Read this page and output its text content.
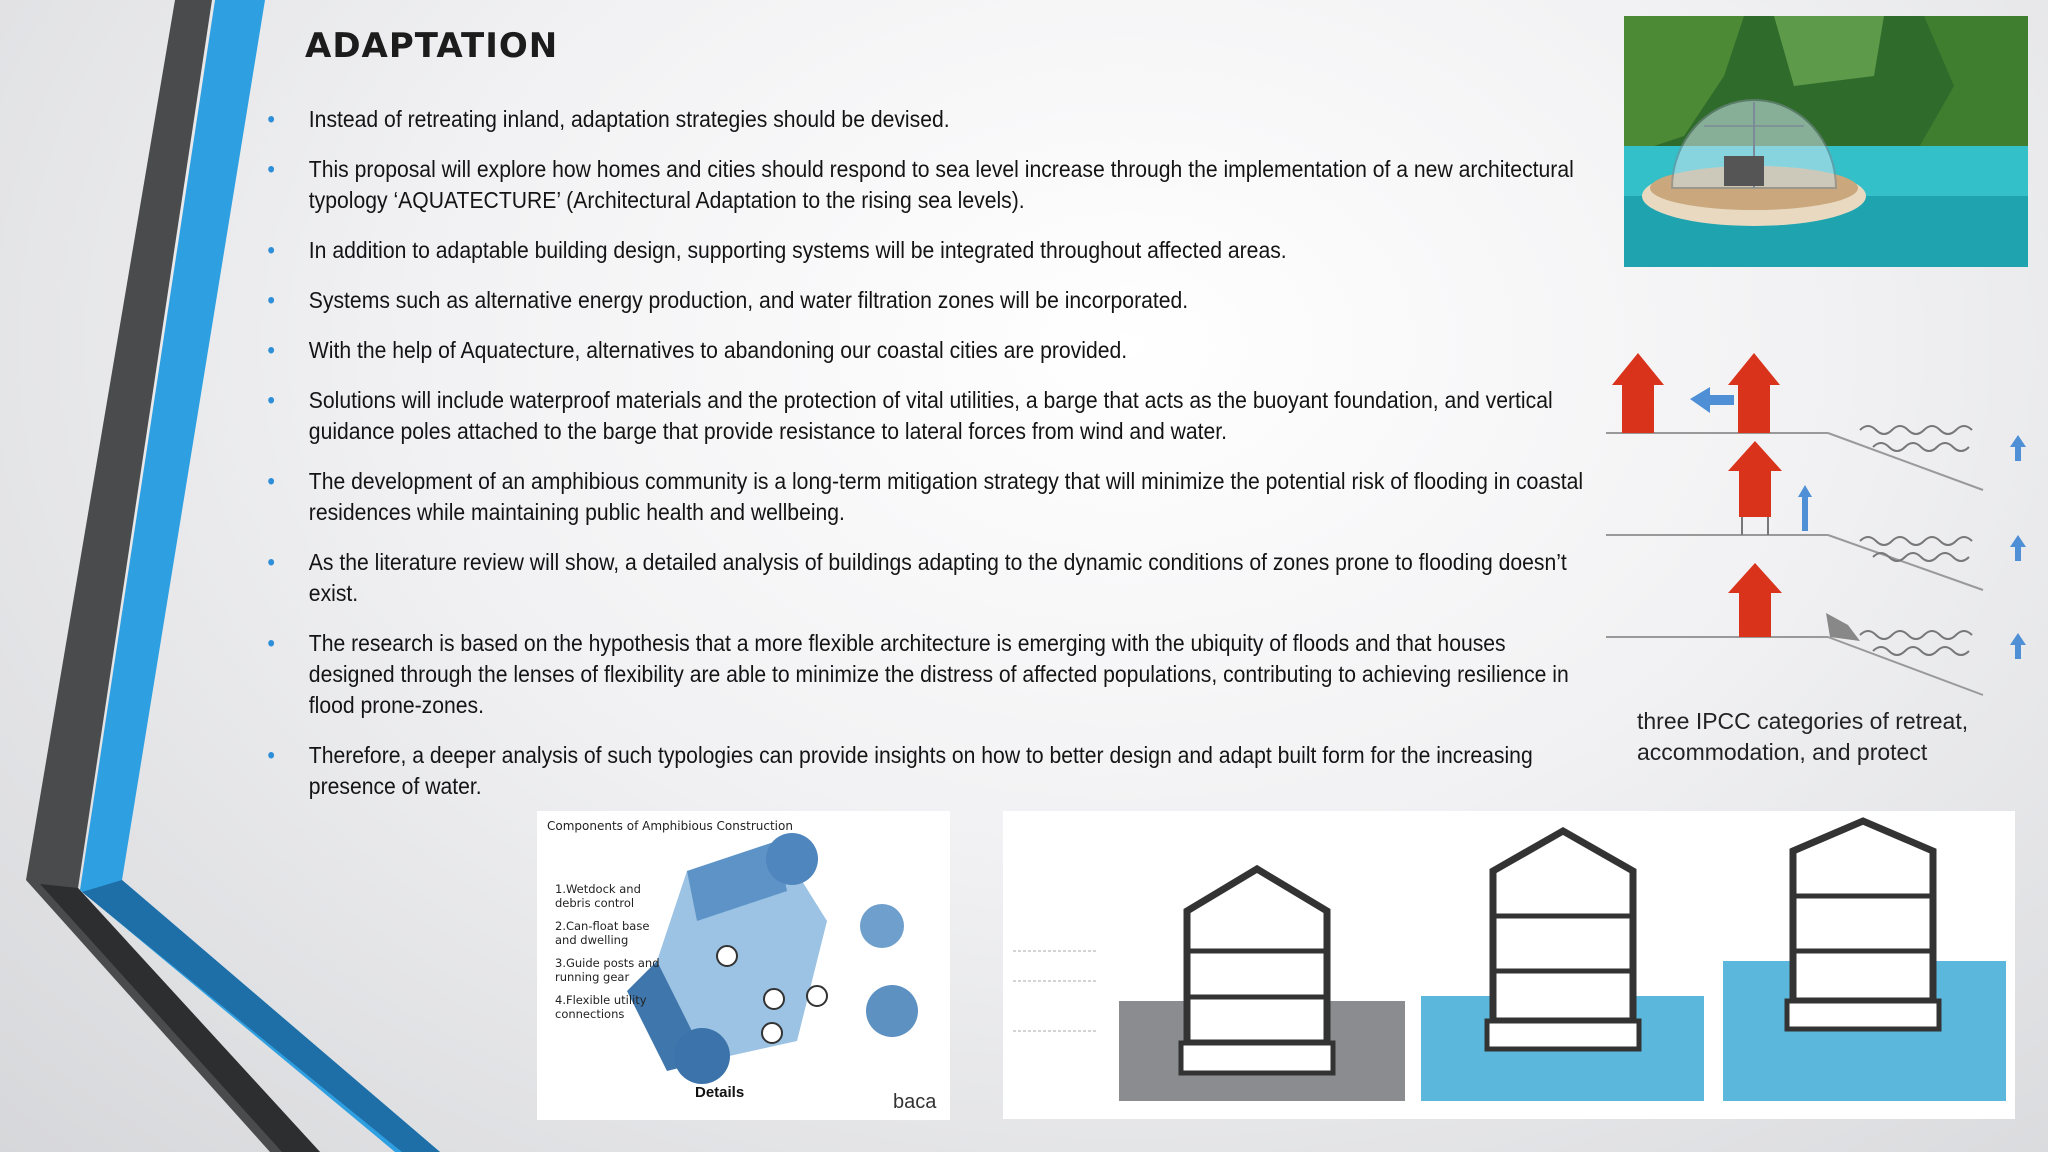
ADAPTATION
• Instead of retreating inland, adaptation strategies should be devised.
• This proposal will explore how homes and cities should respond to sea level increase through the implementation of a new architectural typology ‘AQUATECTURE’ (Architectural Adaptation to the rising sea levels).
• In addition to adaptable building design, supporting systems will be integrated throughout affected areas.
• Systems such as alternative energy production, and water filtration zones will be incorporated.
• With the help of Aquatecture, alternatives to abandoning our coastal cities are provided.
• Solutions will include waterproof materials and the protection of vital utilities, a barge that acts as the buoyant foundation, and vertical guidance poles attached to the barge that provide resistance to lateral forces from wind and water.
• The development of an amphibious community is a long-term mitigation strategy that will minimize the potential risk of flooding in coastal residences while maintaining public health and wellbeing.
• As the literature review will show, a detailed analysis of buildings adapting to the dynamic conditions of zones prone to flooding doesn’t exist.
• The research is based on the hypothesis that a more flexible architecture is emerging with the ubiquity of floods and that houses designed through the lenses of flexibility are able to minimize the distress of affected populations, contributing to achieving resilience in flood prone-zones.
• Therefore, a deeper analysis of such typologies can provide insights on how to better design and adapt built form for the increasing presence of water.
three IPCC categories of retreat,
accommodation, and protect
Components of Amphibious Construction
1.Wetdock and
debris control
2.Can-float base
and dwelling
3.Guide posts and
running gear
4.Flexible utility
connections
Details	baca
